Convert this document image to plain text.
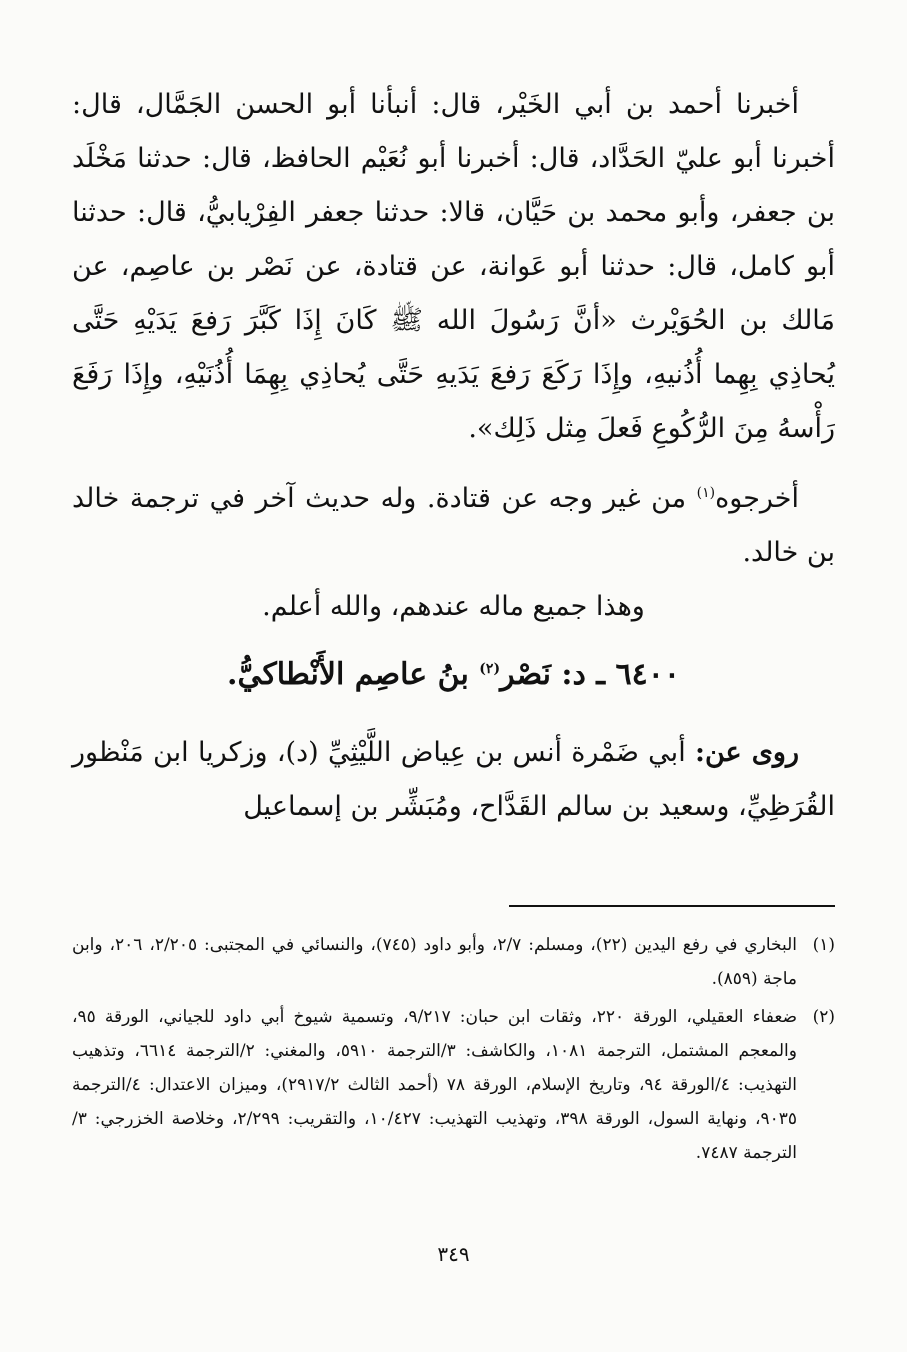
أخبرنا أحمد بن أبي الخَيْر، قال: أنبأنا أبو الحسن الجَمَّال، قال: أخبرنا أبو عليّ الحَدَّاد، قال: أخبرنا أبو نُعَيْم الحافظ، قال: حدثنا مَخْلَد بن جعفر، وأبو محمد بن حَيَّان، قالا: حدثنا جعفر الفِرْيابيُّ، قال: حدثنا أبو كامل، قال: حدثنا أبو عَوانة، عن قتادة، عن نَصْر بن عاصِم، عن مَالك بن الحُوَيْرث «أنَّ رَسُولَ الله ﷺ كَانَ إِذَا كَبَّرَ رَفعَ يَدَيْهِ حَتَّى يُحاذِي بِهِما أُذُنيهِ، وإِذَا رَكَعَ رَفعَ يَدَيهِ حَتَّى يُحاذِي بِهِمَا أُذُنَيْهِ، وإِذَا رَفَعَ رَأْسهُ مِنَ الرُّكُوعِ فَعلَ مِثل ذَلِك».

أخرجوه$^{(١)}$ من غير وجه عن قتادة. وله حديث آخر في ترجمة خالد بن خالد.

وهذا جميع ماله عندهم، والله أعلم.

٦٤٠٠ ـ د: نَصْر$^{(٢)}$ بنُ عاصِم الأَنْطاكيُّ.

روى عن: أبي ضَمْرة أنس بن عِياض اللَّيْثِيِّ (د)، وزكريا ابن مَنْظور القُرَظِيِّ، وسعيد بن سالم القَدَّاح، ومُبَشِّر بن إسماعيل

(١)
البخاري في رفع اليدين (٢٢)، ومسلم: ٢/٧، وأبو داود (٧٤٥)، والنسائي في المجتبى: ٢/٢٠٥، ٢٠٦، وابن ماجة (٨٥٩).
(٢)
ضعفاء العقيلي، الورقة ٢٢٠، وثقات ابن حبان: ٩/٢١٧، وتسمية شيوخ أبي داود للجياني، الورقة ٩٥، والمعجم المشتمل، الترجمة ١٠٨١، والكاشف: ٣/الترجمة ٥٩١٠، والمغني: ٢/الترجمة ٦٦١٤، وتذهيب التهذيب: ٤/الورقة ٩٤، وتاريخ الإسلام، الورقة ٧٨ (أحمد الثالث ٢٩١٧/٢)، وميزان الاعتدال: ٤/الترجمة ٩٠٣٥، ونهاية السول، الورقة ٣٩٨، وتهذيب التهذيب: ١٠/٤٢٧، والتقريب: ٢/٢٩٩، وخلاصة الخزرجي: ٣/الترجمة ٧٤٨٧.
٣٤٩
